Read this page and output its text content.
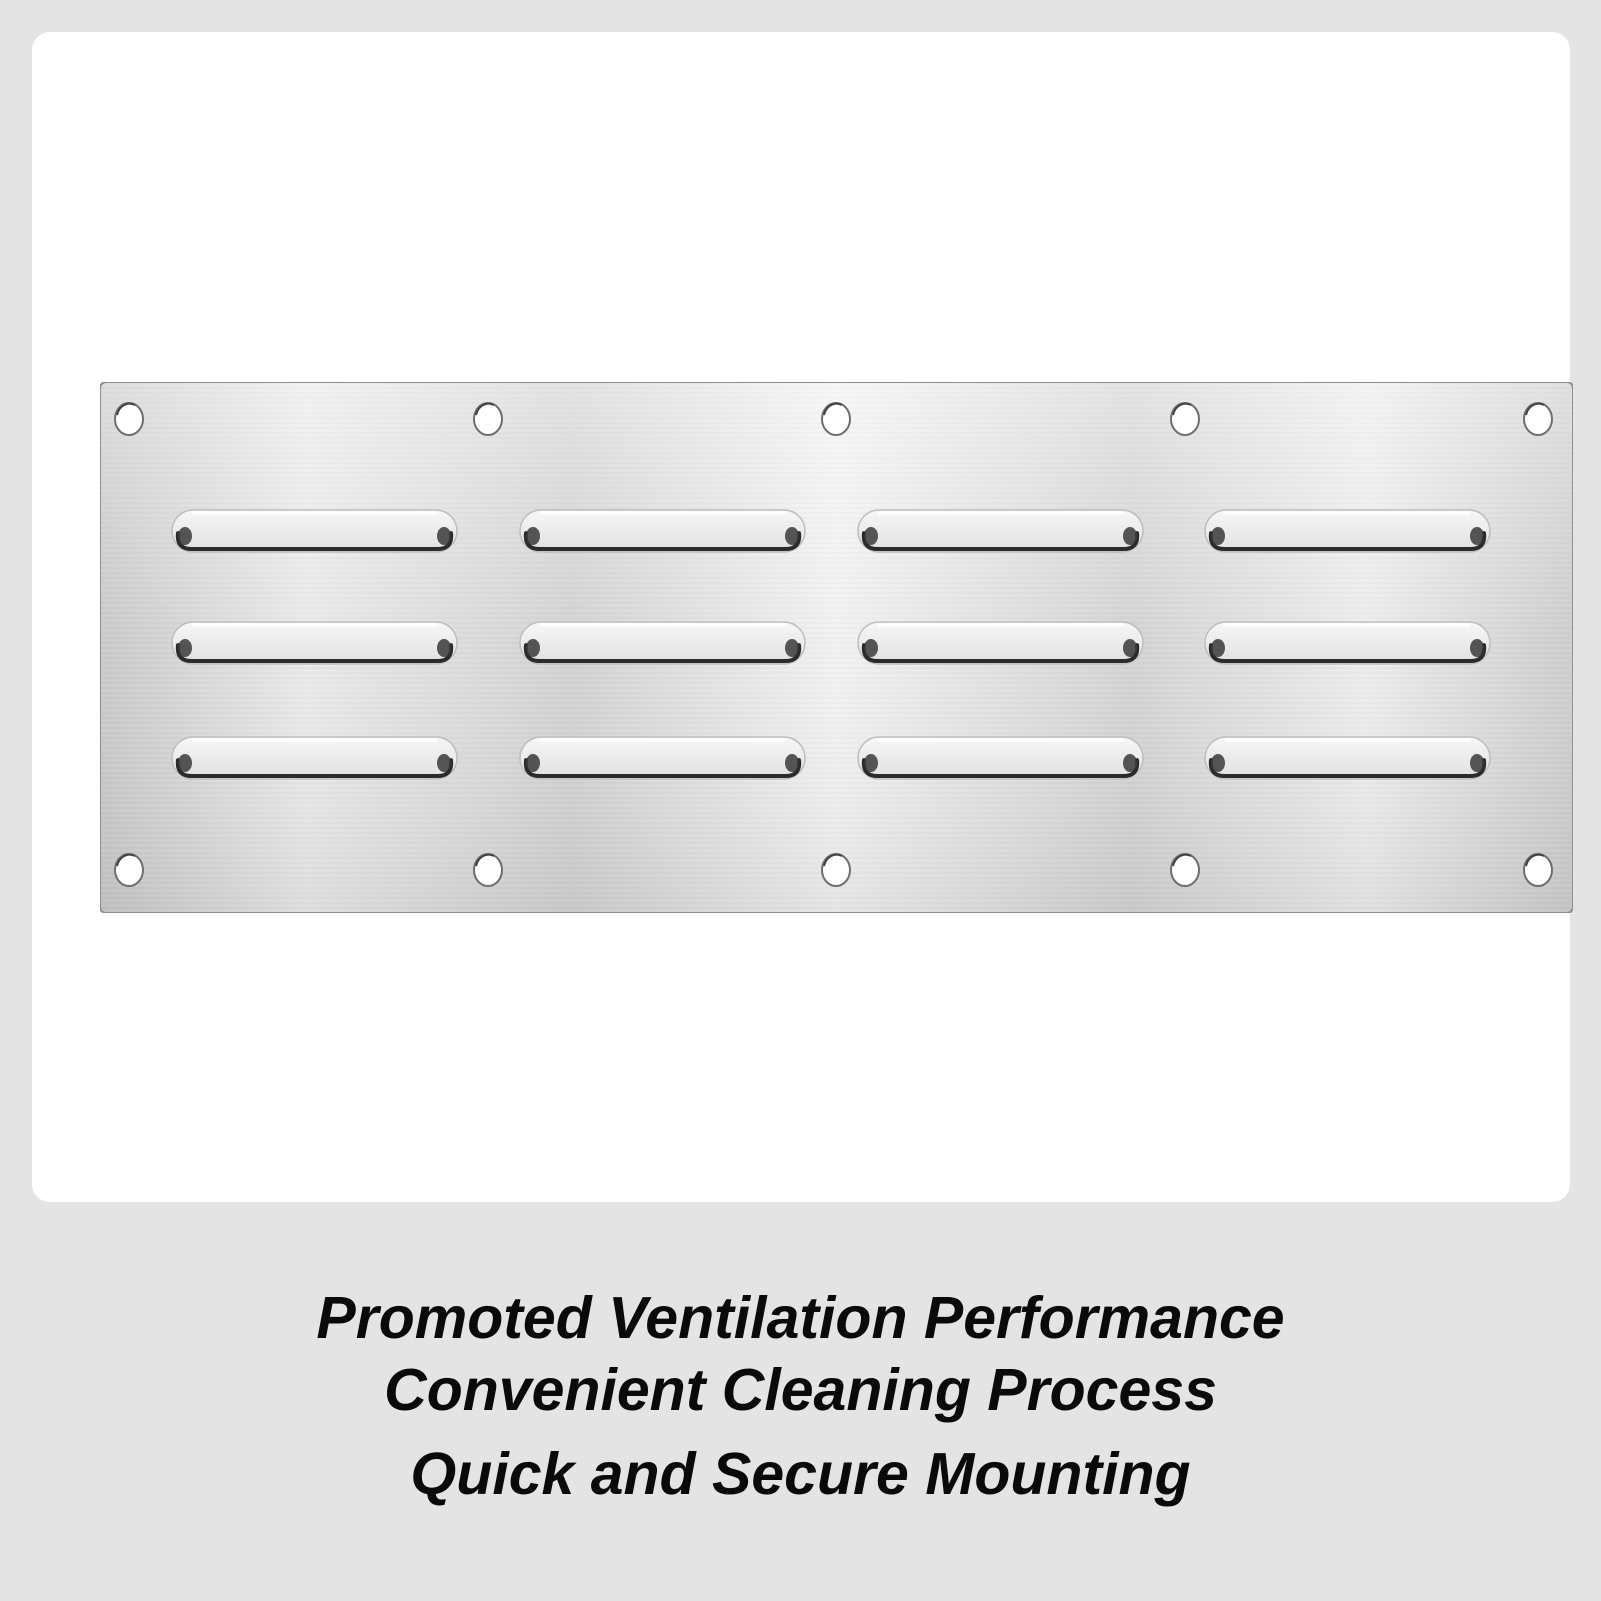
Promoted Ventilation Performance
Convenient Cleaning Process
Quick and Secure Mounting
